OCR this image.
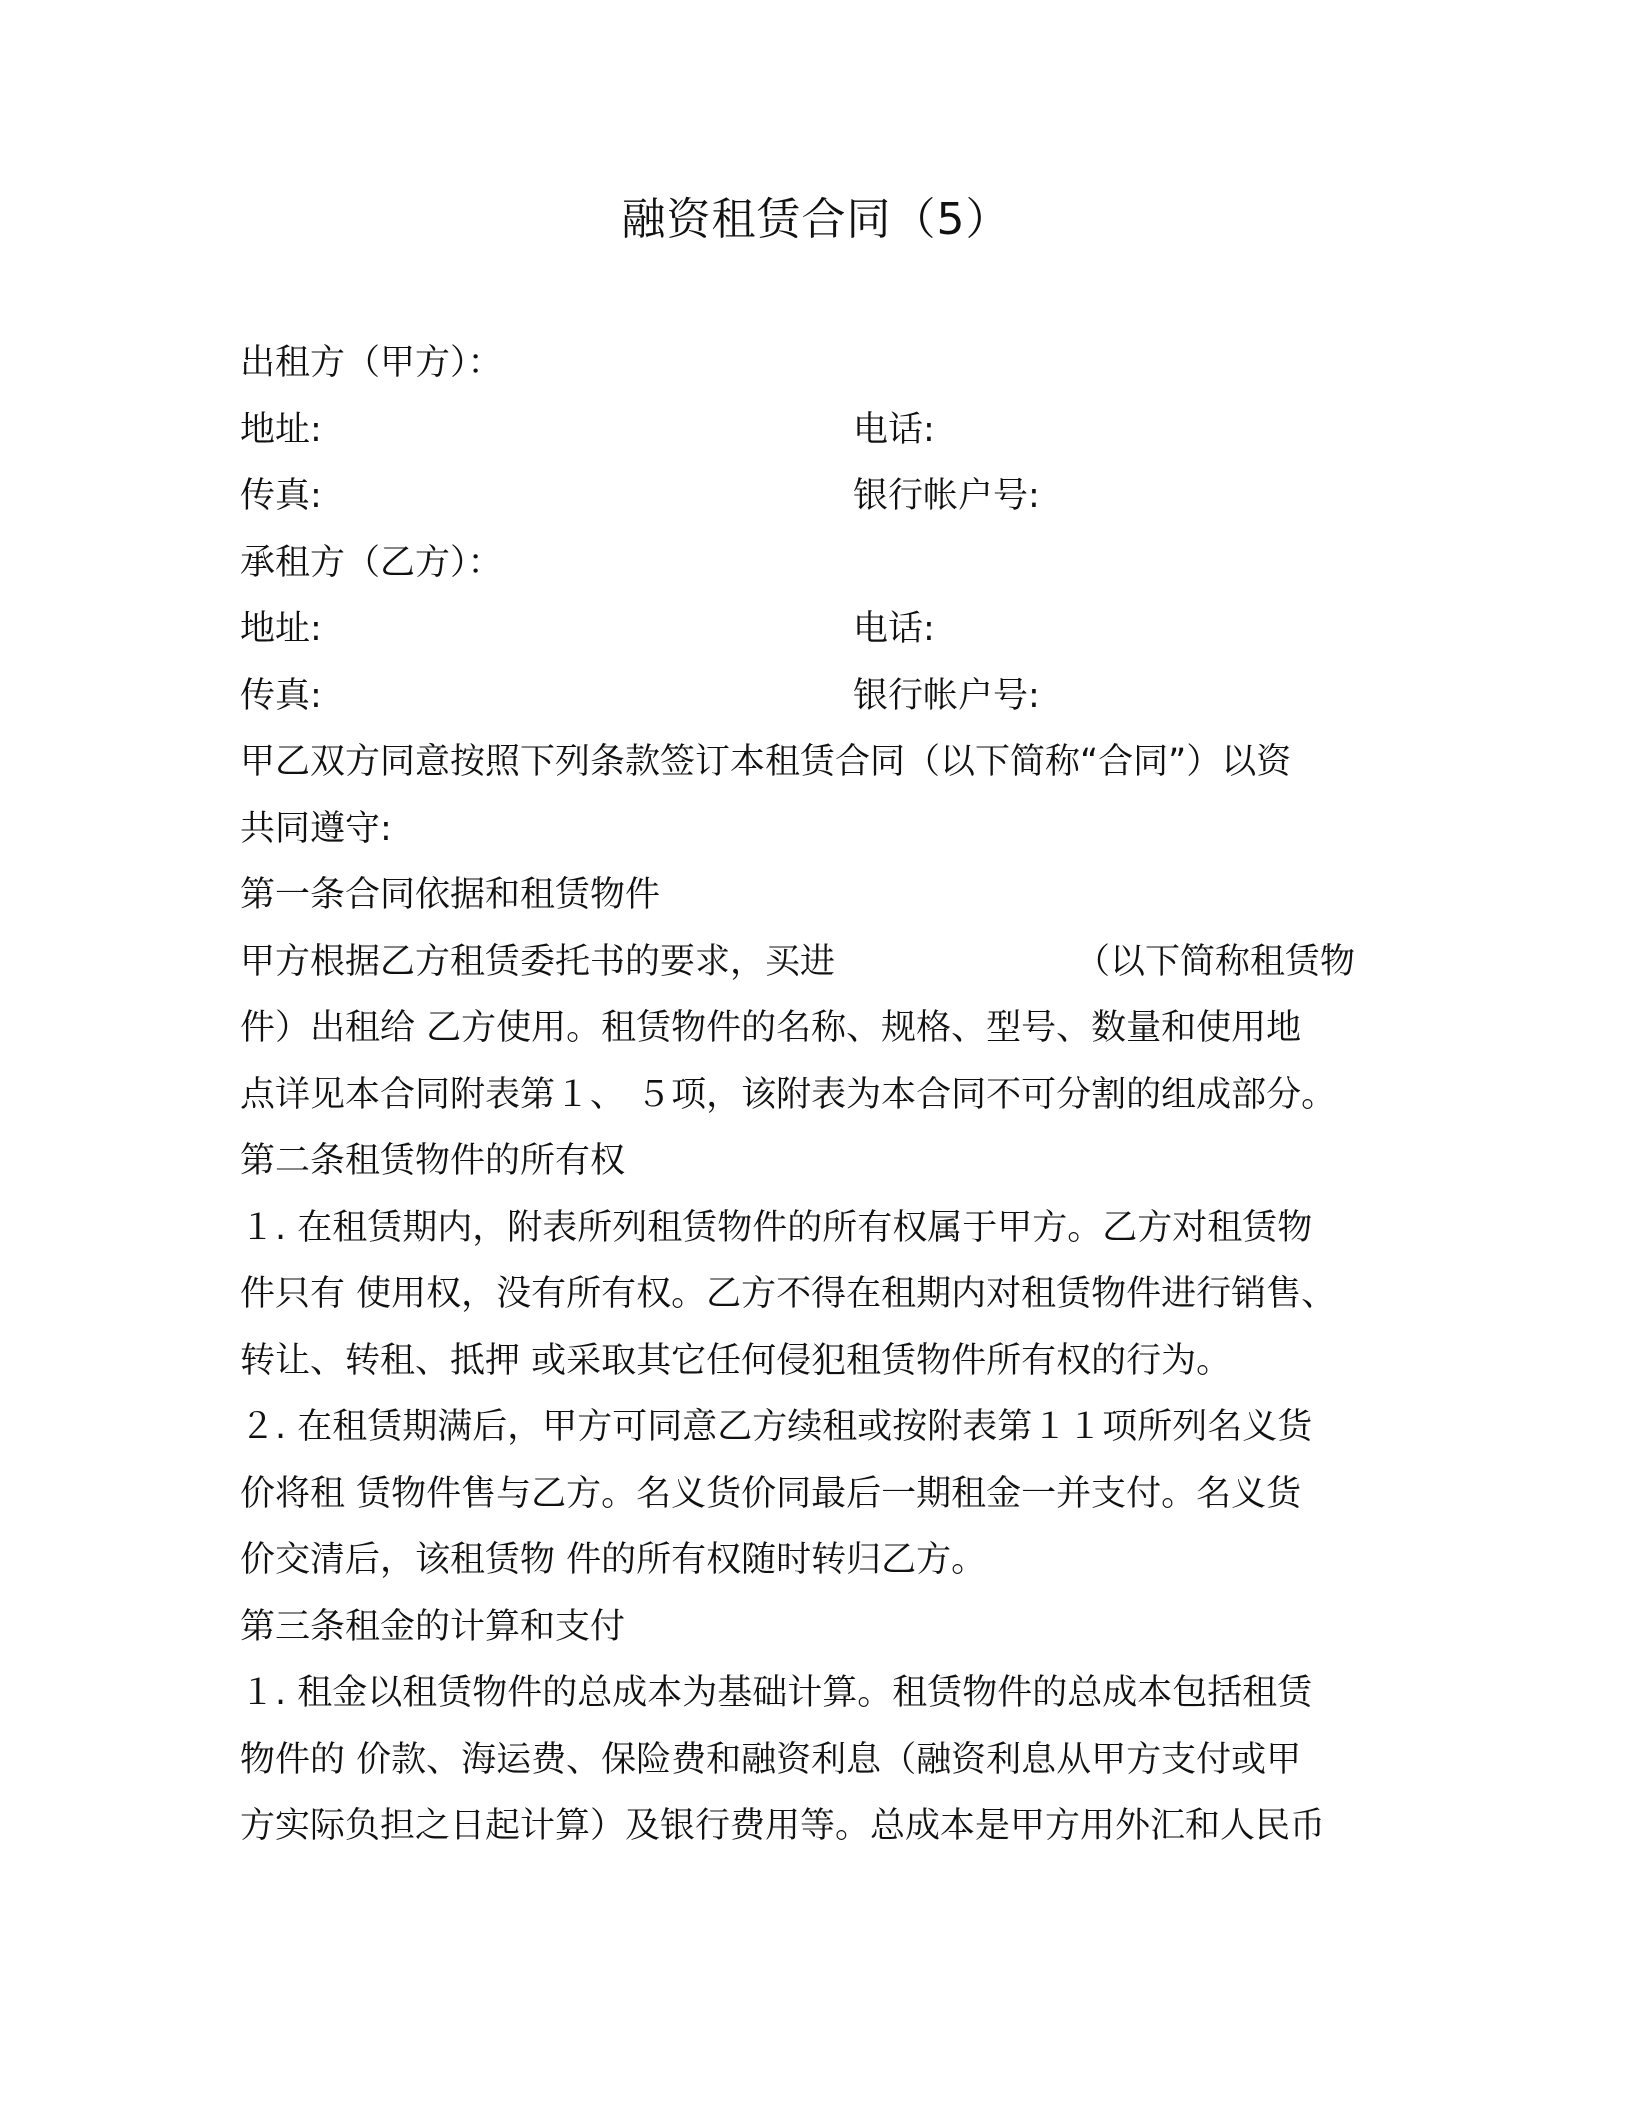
融资租赁合同（5）
出租方（甲方）：
地址:	电话:
传真:	银行帐户号:
承租方（乙方）：
地址:	电话:
传真:	银行帐户号:
甲乙双方同意按照下列条款签订本租赁合同（以下简称“合同”）以资
共同遵守:
第一条合同依据和租赁物件
甲方根据乙方租赁委托书的要求，买进	（以下简称租赁物
件）出租给 乙方使用。租赁物件的名称、规格、型号、数量和使用地
点详见本合同附表第１、 ５项，该附表为本合同不可分割的组成部分。
第二条租赁物件的所有权
１. 在租赁期内，附表所列租赁物件的所有权属于甲方。乙方对租赁物
件只有 使用权，没有所有权。乙方不得在租期内对租赁物件进行销售、
转让、转租、抵押 或采取其它任何侵犯租赁物件所有权的行为。
２. 在租赁期满后，甲方可同意乙方续租或按附表第１１项所列名义货
价将租 赁物件售与乙方。名义货价同最后一期租金一并支付。名义货
价交清后，该租赁物 件的所有权随时转归乙方。
第三条租金的计算和支付
１. 租金以租赁物件的总成本为基础计算。租赁物件的总成本包括租赁
物件的 价款、海运费、保险费和融资利息（融资利息从甲方支付或甲
方实际负担之日起计算）及银行费用等。总成本是甲方用外汇和人民币
